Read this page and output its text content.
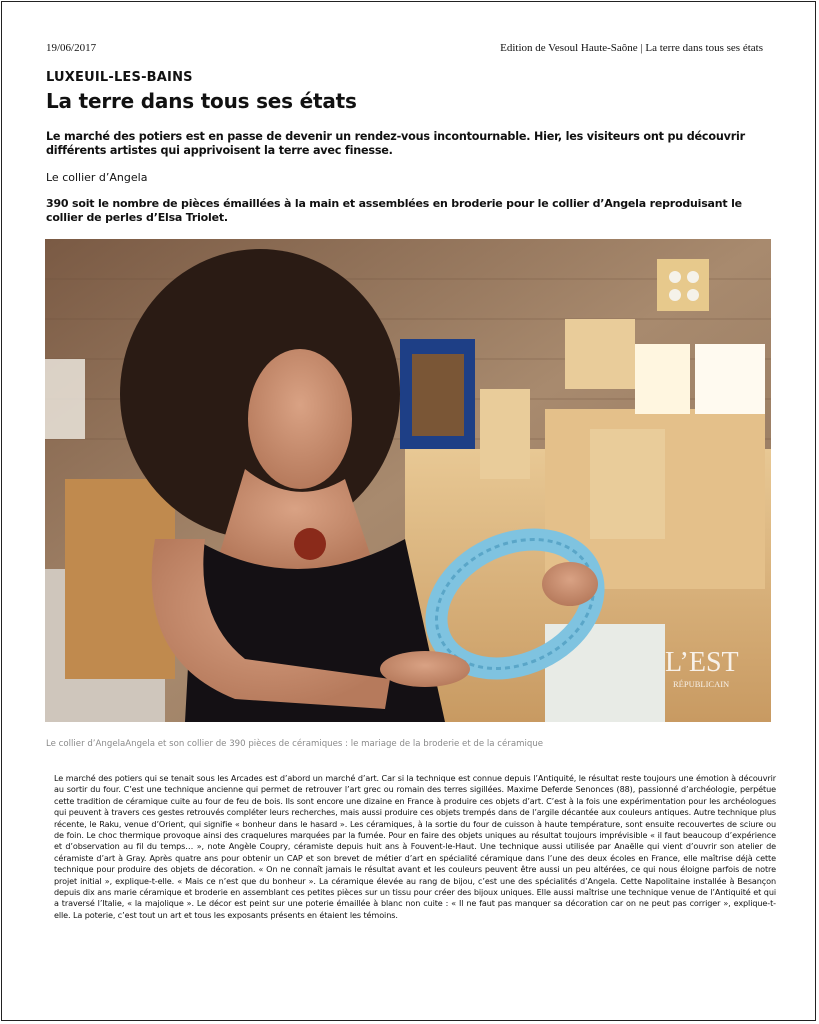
19/06/2017	Edition de Vesoul Haute-Saône | La terre dans tous ses états
LUXEUIL-LES-BAINS
La terre dans tous ses états
Le marché des potiers est en passe de devenir un rendez-vous incontournable. Hier, les visiteurs ont pu découvrir différents artistes qui apprivoisent la terre avec finesse.
Le collier d’Angela
390 soit le nombre de pièces émaillées à la main et assemblées en broderie pour le collier d’Angela reproduisant le collier de perles d’Elsa Triolet.
L’EST
RÉPUBLICAIN
Le collier d’AngelaAngela et son collier de 390 pièces de céramiques : le mariage de la broderie et de la céramique
Le marché des potiers qui se tenait sous les Arcades est d’abord un marché d’art. Car si la technique est connue depuis l’Antiquité, le résultat reste toujours une émotion à découvrir au sortir du four. C’est une technique ancienne qui permet de retrouver l’art grec ou romain des terres sigillées. Maxime Deferde Senonces (88), passionné d’archéologie, perpétue cette tradition de céramique cuite au four de feu de bois. Ils sont encore une dizaine en France à produire ces objets d’art. C’est à la fois une expérimentation pour les archéologues qui peuvent à travers ces gestes retrouvés compléter leurs recherches, mais aussi produire ces objets trempés dans de l’argile décantée aux couleurs antiques. Autre technique plus récente, le Raku, venue d’Orient, qui signifie « bonheur dans le hasard ». Les céramiques, à la sortie du four de cuisson à haute température, sont ensuite recouvertes de sciure ou de foin. Le choc thermique provoque ainsi des craquelures marquées par la fumée. Pour en faire des objets uniques au résultat toujours imprévisible « il faut beaucoup d’expérience et d’observation au fil du temps… », note Angèle Coupry, céramiste depuis huit ans à Fouvent-le-Haut. Une technique aussi utilisée par Anaëlle qui vient d’ouvrir son atelier de céramiste d’art à Gray. Après quatre ans pour obtenir un CAP et son brevet de métier d’art en spécialité céramique dans l’une des deux écoles en France, elle maîtrise déjà cette technique pour produire des objets de décoration. « On ne connaît jamais le résultat avant et les couleurs peuvent être aussi un peu altérées, ce qui nous éloigne parfois de notre projet initial », explique-t-elle. « Mais ce n’est que du bonheur ». La céramique élevée au rang de bijou, c’est une des spécialités d’Angela. Cette Napolitaine installée à Besançon depuis dix ans marie céramique et broderie en assemblant ces petites pièces sur un tissu pour créer des bijoux uniques. Elle aussi maîtrise une technique venue de l’Antiquité et qui a traversé l’Italie, « la majolique ». Le décor est peint sur une poterie émaillée à blanc non cuite : « Il ne faut pas manquer sa décoration car on ne peut pas corriger », explique-t-elle. La poterie, c’est tout un art et tous les exposants présents en étaient les témoins.
